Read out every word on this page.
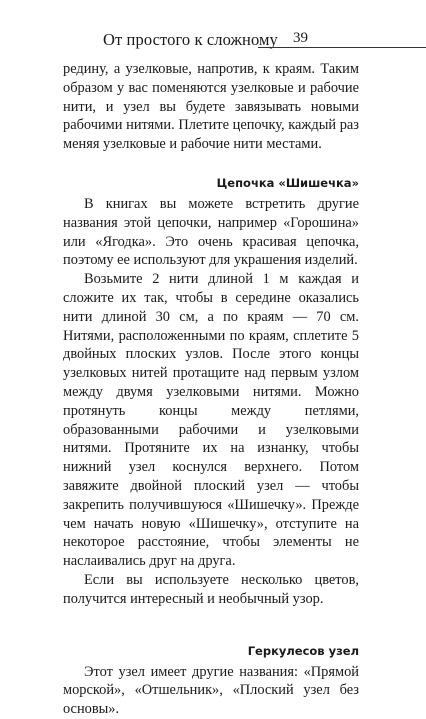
От простого к сложному 39

редину, а узелковые, напротив, к краям. Таким образом у вас поменяются узелковые и рабочие нити, и узел вы будете завязывать новыми рабочими нитями. Плетите цепочку, каждый раз меняя узелковые и рабочие нити местами.

Цепочка «Шишечка»

В книгах вы можете встретить другие названия этой цепочки, например «Горошина» или «Ягодка». Это очень красивая цепочка, поэтому ее используют для украшения изделий.

Возьмите 2 нити длиной 1 м каждая и сложите их так, чтобы в середине оказались нити длиной 30 см, а по краям — 70 см. Нитями, расположенными по краям, сплетите 5 двойных плоских узлов. После этого концы узелковых нитей протащите над первым узлом между двумя узелковыми нитями. Можно протянуть концы между петлями, образованными рабочими и узелковыми нитями. Протяните их на изнанку, чтобы нижний узел коснулся верхнего. Потом завяжите двойной плоский узел — чтобы закрепить получившуюся «Шишечку». Прежде чем начать новую «Шишечку», отступите на некоторое расстояние, чтобы элементы не наслаивались друг на друга.

Если вы используете несколько цветов, получится интересный и необычный узор.

Геркулесов узел

Этот узел имеет другие названия: «Прямой морской», «Отшельник», «Плоский узел без основы».
